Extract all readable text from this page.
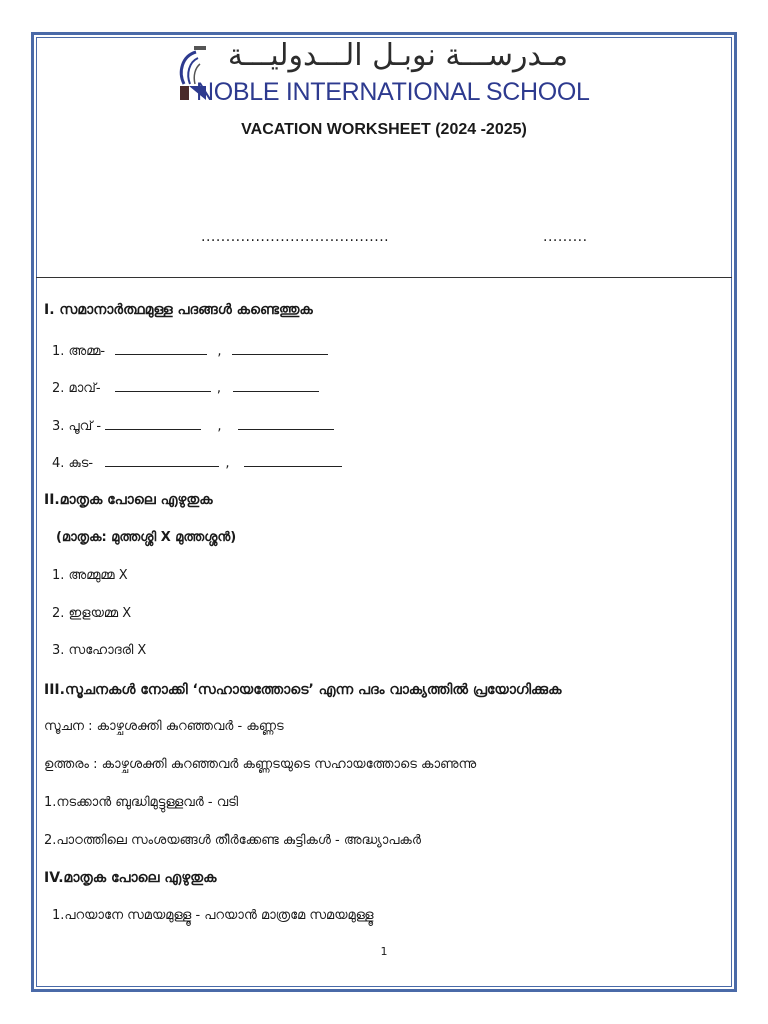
مـدرســـة نوبـل الـــدوليـــة
NOBLE INTERNATIONAL SCHOOL
VACATION WORKSHEET (2024 -2025)
......................................	.........
I. സമാനാർത്ഥമുള്ള പദങ്ങൾ കണ്ടെത്തുക
1. അമ്മ-	,
2. മാവ്-	,
3. പൂവ് -	,
4. കുട-	,
II.മാതൃക പോലെ എഴുതുക
(മാതൃക: മുത്തശ്ശി X മുത്തശ്ശൻ)
1. അമ്മുമ്മ X
2. ഇളയമ്മ X
3. സഹോദരി X
III.സൂചനകൾ നോക്കി ‘സഹായത്തോടെ’ എന്ന പദം വാക്യത്തിൽ പ്രയോഗിക്കുക
സൂചന : കാഴ്ചശക്തി കുറഞ്ഞവർ - കണ്ണട
ഉത്തരം : കാഴ്ചശക്തി കുറഞ്ഞവർ കണ്ണടയുടെ സഹായത്തോടെ കാണുന്നു
1.നടക്കാൻ ബുദ്ധിമുട്ടുള്ളവർ - വടി
2.പാഠത്തിലെ സംശയങ്ങൾ തീർക്കേണ്ട കുട്ടികൾ - അദ്ധ്യാപകർ
IV.മാതൃക പോലെ എഴുതുക
1.പറയാനേ സമയമുള്ളൂ - പറയാൻ മാത്രമേ സമയമുള്ളൂ
1
